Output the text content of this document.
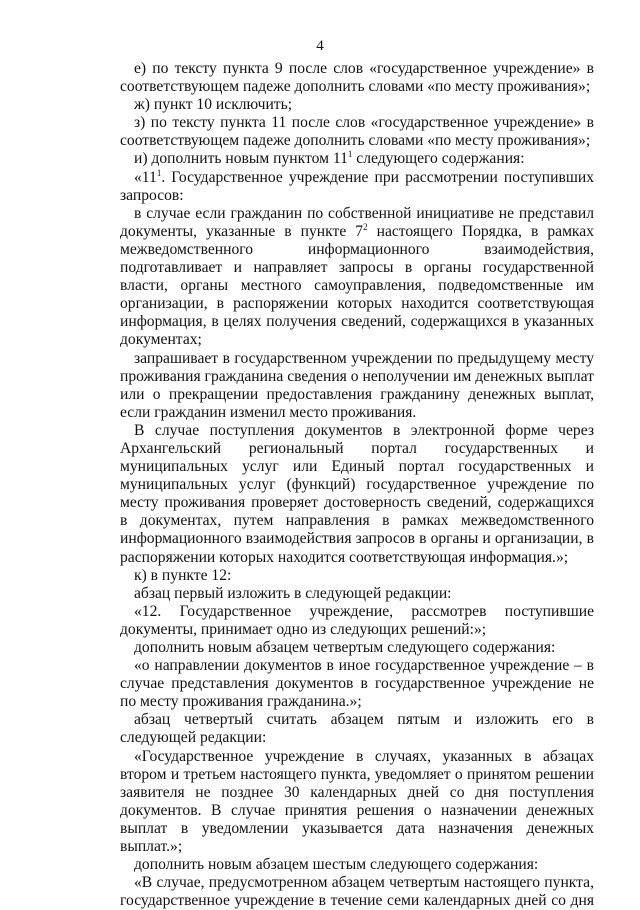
4

е) по тексту пункта 9 после слов «государственное учреждение» в соответствующем падеже дополнить словами «по месту проживания»;

ж) пункт 10 исключить;

з) по тексту пункта 11 после слов «государственное учреждение» в соответствующем падеже дополнить словами «по месту проживания»;

и) дополнить новым пунктом $11^1$ следующего содержания:

«$11^1$. Государственное учреждение при рассмотрении поступивших запросов:

в случае если гражданин по собственной инициативе не представил документы, указанные в пункте $7^2$ настоящего Порядка, в рамках межведомственного информационного взаимодействия, подготавливает и направляет запросы в органы государственной власти, органы местного самоуправления, подведомственные им организации, в распоряжении которых находится соответствующая информация, в целях получения сведений, содержащихся в указанных документах;

запрашивает в государственном учреждении по предыдущему месту проживания гражданина сведения о неполучении им денежных выплат или о прекращении предоставления гражданину денежных выплат, если гражданин изменил место проживания.

В случае поступления документов в электронной форме через Архангельский региональный портал государственных и муниципальных услуг или Единый портал государственных и муниципальных услуг (функций) государственное учреждение по месту проживания проверяет достоверность сведений, содержащихся в документах, путем направления в рамках межведомственного информационного взаимодействия запросов в органы и организации, в распоряжении которых находится соответствующая информация.»;

к) в пункте 12:

абзац первый изложить в следующей редакции:

«12. Государственное учреждение, рассмотрев поступившие документы, принимает одно из следующих решений:»;

дополнить новым абзацем четвертым следующего содержания:

«о направлении документов в иное государственное учреждение – в случае представления документов в государственное учреждение не по месту проживания гражданина.»;

абзац четвертый считать абзацем пятым и изложить его в следующей редакции:

«Государственное учреждение в случаях, указанных в абзацах втором и третьем настоящего пункта, уведомляет о принятом решении заявителя не позднее 30 календарных дней со дня поступления документов. В случае принятия решения о назначении денежных выплат в уведомлении указывается дата назначения денежных выплат.»;

дополнить новым абзацем шестым следующего содержания:

«В случае, предусмотренном абзацем четвертым настоящего пункта, государственное учреждение в течение семи календарных дней со дня
